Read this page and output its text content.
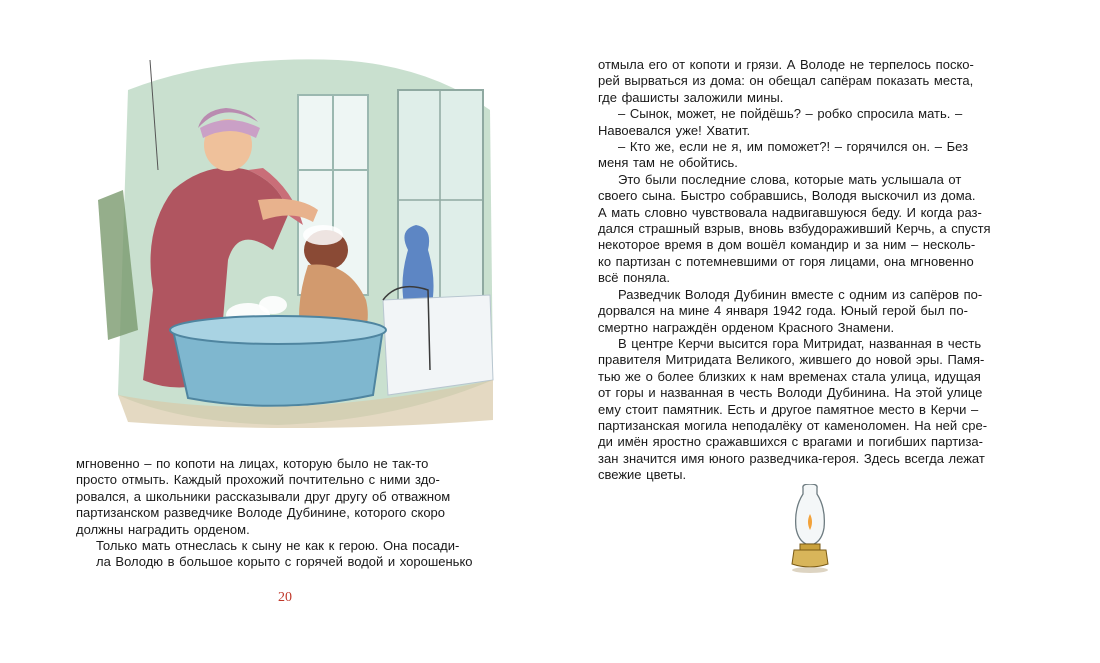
мгновенно – по копоти на лицах, которую было не так-то
просто отмыть. Каждый прохожий почтительно с ними здо-
ровался, а школьники рассказывали друг другу об отважном
партизанском разведчике Володе Дубинине, которого скоро
должны наградить орденом.

Только мать отнеслась к сыну не как к герою. Она посади-
ла Володю в большое корыто с горячей водой и хорошенько

20

отмыла его от копоти и грязи. А Володе не терпелось поско-
рей вырваться из дома: он обещал сапёрам показать места,
где фашисты заложили мины.

– Сынок, может, не пойдёшь? – робко спросила мать. –
Навоевался уже! Хватит.

– Кто же, если не я, им поможет?! – горячился он. – Без
меня там не обойтись.

Это были последние слова, которые мать услышала от
своего сына. Быстро собравшись, Володя выскочил из дома.
А мать словно чувствовала надвигавшуюся беду. И когда раз-
дался страшный взрыв, вновь взбудораживший Керчь, а спустя
некоторое время в дом вошёл командир и за ним – несколь-
ко партизан с потемневшими от горя лицами, она мгновенно
всё поняла.

Разведчик Володя Дубинин вместе с одним из сапёров по-
дорвался на мине 4 января 1942 года. Юный герой был по-
смертно награждён орденом Красного Знамени.

В центре Керчи высится гора Митридат, названная в честь
правителя Митридата Великого, жившего до новой эры. Памя-
тью же о более близких к нам временах стала улица, идущая
от горы и названная в честь Володи Дубинина. На этой улице
ему стоит памятник. Есть и другое памятное место в Керчи –
партизанская могила неподалёку от каменоломен. На ней сре-
ди имён яростно сражавшихся с врагами и погибших партиза-
зан значится имя юного разведчика-героя. Здесь всегда лежат
свежие цветы.
